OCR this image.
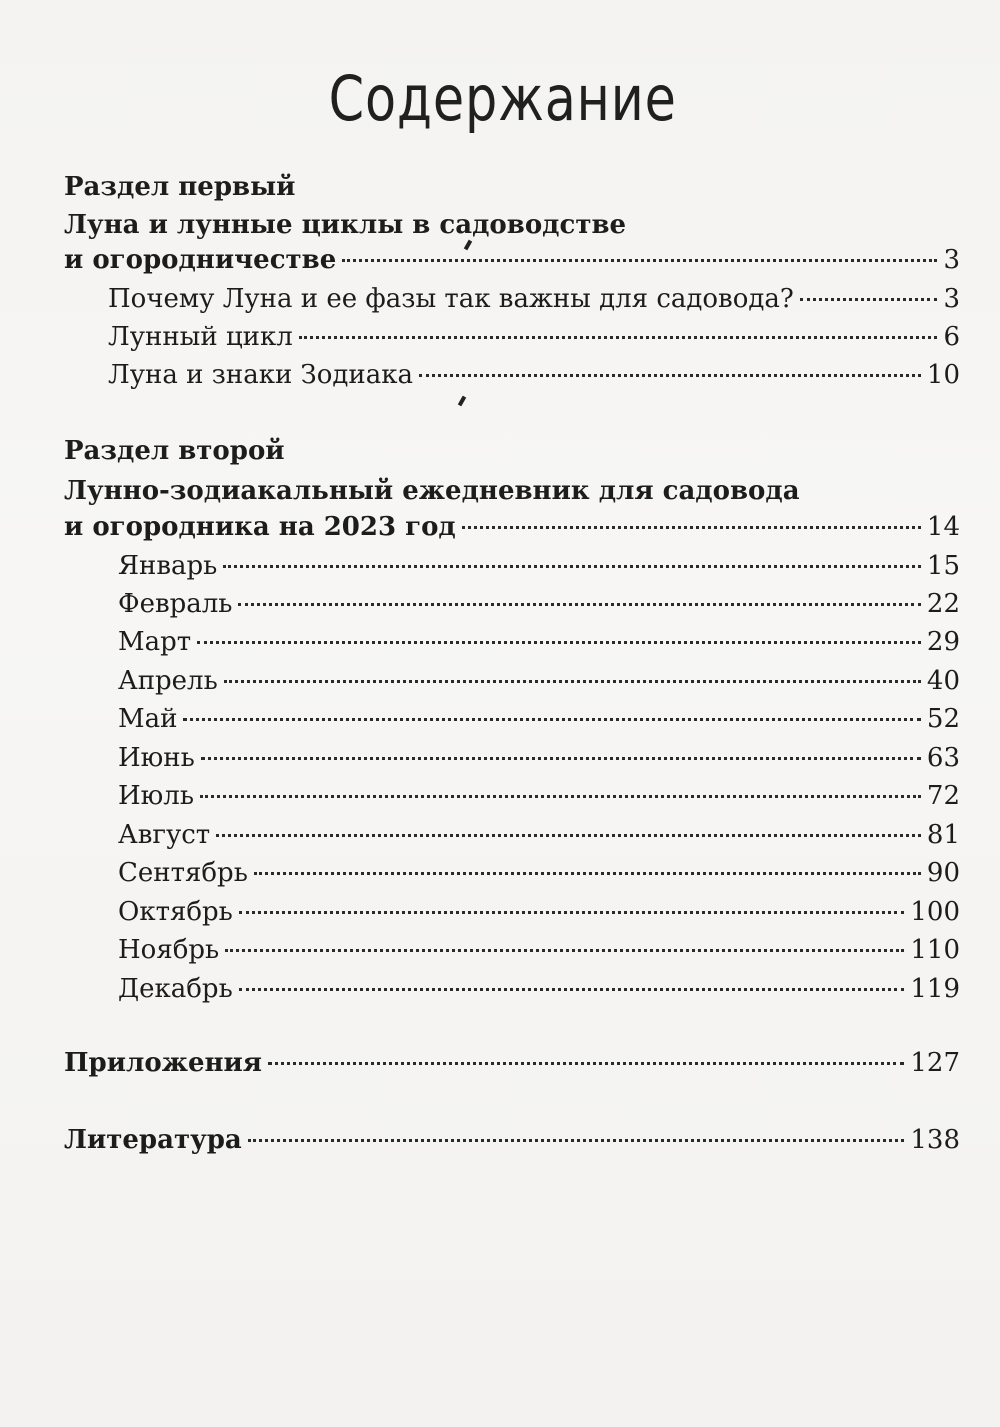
Содержание
Раздел первый
Луна и лунные циклы в садоводстве
и огородничестве	3
Почему Луна и ее фазы так важны для садовода?	3
Лунный цикл	6
Луна и знаки Зодиака	10
Раздел второй
Лунно-зодиакальный ежедневник для садовода
и огородника на 2023 год	14
Январь	15
Февраль	22
Март	29
Апрель	40
Май	52
Июнь	63
Июль	72
Август	81
Сентябрь	90
Октябрь	100
Ноябрь	110
Декабрь	119
Приложения	127
Литература	138
